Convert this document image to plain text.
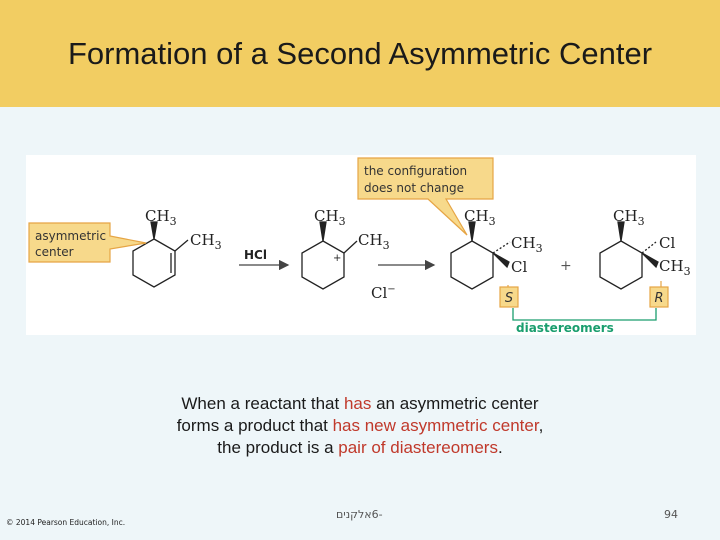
Formation of a Second Asymmetric Center
asymmetric
center
the configuration
does not change
S	R
$CH_3$
$CH_3$
$CH_3$
$CH_3$
+
Cl−
$CH_3$
$CH_3$
Cl
$CH_3$
Cl
$CH_3$
+
HCl
diastereomers
When a reactant that has an asymmetric center
forms a product that has new asymmetric center,
the product is a pair of diastereomers.
© 2014 Pearson Education, Inc.
-6אלקנים	94
